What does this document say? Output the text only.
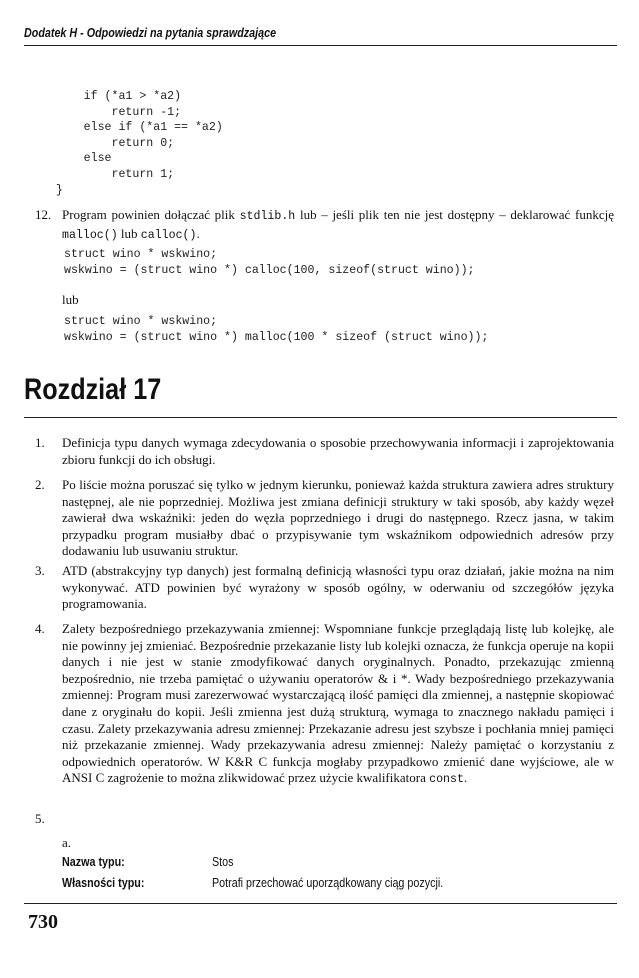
Dodatek H - Odpowiedzi na pytania sprawdzające
if (*a1 > *a2)
return -1;
else if (*a1 == *a2)
return 0;
else
return 1;
}
12. Program powinien dołączać plik stdlib.h lub – jeśli plik ten nie jest dostępny – deklarować funkcję malloc() lub calloc().
struct wino * wskwino;
wskwino = (struct wino *) calloc(100, sizeof(struct wino));
lub
struct wino * wskwino;
wskwino = (struct wino *) malloc(100 * sizeof (struct wino));
Rozdział 17
1. Definicja typu danych wymaga zdecydowania o sposobie przechowywania informacji i zaprojektowania zbioru funkcji do ich obsługi.
2. Po liście można poruszać się tylko w jednym kierunku, ponieważ każda struktura zawiera adres struktury następnej, ale nie poprzedniej. Możliwa jest zmiana definicji struktury w taki sposób, aby każdy węzeł zawierał dwa wskaźniki: jeden do węzła poprzedniego i drugi do następnego. Rzecz jasna, w takim przypadku program musiałby dbać o przypisywanie tym wskaźnikom odpowiednich adresów przy dodawaniu lub usuwaniu struktur.
3. ATD (abstrakcyjny typ danych) jest formalną definicją własności typu oraz działań, jakie można na nim wykonywać. ATD powinien być wyrażony w sposób ogólny, w oderwaniu od szczegółów języka programowania.
4. Zalety bezpośredniego przekazywania zmiennej: Wspomniane funkcje przeglądają listę lub kolejkę, ale nie powinny jej zmieniać. Bezpośrednie przekazanie listy lub kolejki oznacza, że funkcja operuje na kopii danych i nie jest w stanie zmodyfikować danych oryginalnych. Ponadto, przekazując zmienną bezpośrednio, nie trzeba pamiętać o używaniu operatorów & i *. Wady bezpośredniego przekazywania zmiennej: Program musi zarezerwować wystarczającą ilość pamięci dla zmiennej, a następnie skopiować dane z oryginału do kopii. Jeśli zmienna jest dużą strukturą, wymaga to znacznego nakładu pamięci i czasu. Zalety przekazywania adresu zmiennej: Przekazanie adresu jest szybsze i pochłania mniej pamięci niż przekazanie zmiennej. Wady przekazywania adresu zmiennej: Należy pamiętać o korzystaniu z odpowiednich operatorów. W K&R C funkcja mogłaby przypadkowo zmienić dane wyjściowe, ale w ANSI C zagrożenie to można zlikwidować przez użycie kwalifikatora const.
5.
a.
Nazwa typu:	Stos
Własności typu:	Potrafi przechować uporządkowany ciąg pozycji.
730
